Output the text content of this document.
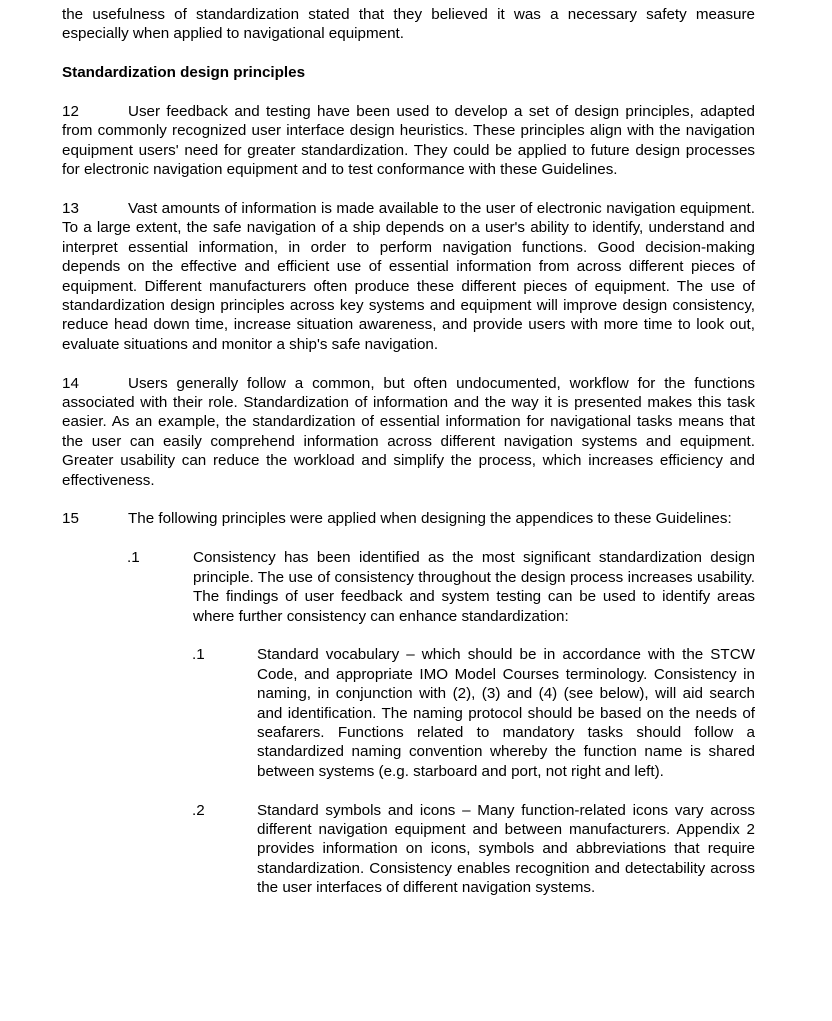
the usefulness of standardization stated that they believed it was a necessary safety measure especially when applied to navigational equipment.

Standardization design principles

12	User feedback and testing have been used to develop a set of design principles, adapted from commonly recognized user interface design heuristics. These principles align with the navigation equipment users' need for greater standardization. They could be applied to future design processes for electronic navigation equipment and to test conformance with these Guidelines.

13	Vast amounts of information is made available to the user of electronic navigation equipment. To a large extent, the safe navigation of a ship depends on a user's ability to identify, understand and interpret essential information, in order to perform navigation functions. Good decision-making depends on the effective and efficient use of essential information from across different pieces of equipment. Different manufacturers often produce these different pieces of equipment. The use of standardization design principles across key systems and equipment will improve design consistency, reduce head down time, increase situation awareness, and provide users with more time to look out, evaluate situations and monitor a ship's safe navigation.

14	Users generally follow a common, but often undocumented, workflow for the functions associated with their role. Standardization of information and the way it is presented makes this task easier. As an example, the standardization of essential information for navigational tasks means that the user can easily comprehend information across different navigation systems and equipment. Greater usability can reduce the workload and simplify the process, which increases efficiency and effectiveness.

15	The following principles were applied when designing the appendices to these Guidelines:

.1	Consistency has been identified as the most significant standardization design principle. The use of consistency throughout the design process increases usability. The findings of user feedback and system testing can be used to identify areas where further consistency can enhance standardization:
.1	Standard vocabulary – which should be in accordance with the STCW Code, and appropriate IMO Model Courses terminology. Consistency in naming, in conjunction with (2), (3) and (4) (see below), will aid search and identification. The naming protocol should be based on the needs of seafarers. Functions related to mandatory tasks should follow a standardized naming convention whereby the function name is shared between systems (e.g. starboard and port, not right and left).
.2	Standard symbols and icons – Many function-related icons vary across different navigation equipment and between manufacturers. Appendix 2 provides information on icons, symbols and abbreviations that require standardization. Consistency enables recognition and detectability across the user interfaces of different navigation systems.
